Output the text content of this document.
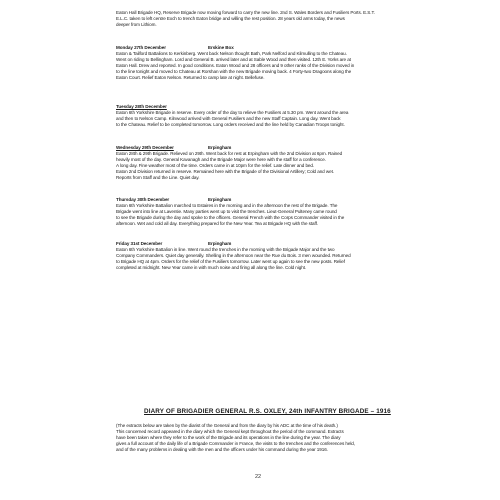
Eaton Hall Brigade HQ, Reserve Brigade now moving forward to carry the new line. 2nd S. Wales Borders and Fusiliers Ports. E.S.T.
E.L.C. taken to left centre Exch to trench Eaton bridge and willing the rest position. 28 years old arms today, the news
deeper from Lithiom.
Monday 27th December	Erskine Box
Eaton & Tailford Battalions to Kerkinberg. Went back Nelson thought Bath, Park Nelford and Kilmulling to the Chateau.
Went on riding to Bellingham. Lord and General B. arrived later and at Sable Wood and then visited. 12th E. Yorks are at
Eaton Hall. Drew and reported. In good conditions. Eaton Wood and 28 officers and 9 other ranks of the Division moved in
to the line tonight and moved to Chateau at Rorshan with the new Brigade moving back. 4 Forty-two Dragoons along the
Eaton Court. Relief Eaton Nelson. Returned to camp late at night. Bellefuse.
Tuesday 28th December
Eaton 6th Yorkshire Brigade in reserve. Every order of the day to relieve the Fusiliers at 5.30 pm. Went around the area
and then to Nelson Camp. Kilnwood arrived with General Fusiliers and the new Staff Captain. Long day. Went back
to the Chateau. Relief to be completed tomorrow. Long orders received and the line held by Canadian Troops tonight.
Wednesday 29th December	Erpingham
Eaton 28th & 29th Brigade. Relieved on 29th. Went back for rest at Erpingham with the 2nd Division at 6pm. Rained
heavily most of the day. General Kavanagh and the Brigade Major were here with the staff for a conference.
A long day. Fine weather most of the time. Orders came in at 10pm for the relief. Late dinner and bed.
Eaton 2nd Division returned in reserve. Remained here with the Brigade of the Divisional Artillery; Cold and wet.
Reports from Staff and the Line. Quiet day.
Thursday 30th December	Erpingham
Eaton 6th Yorkshire Battalion marched to Estaires in the morning and in the afternoon the rest of the Brigade. The
Brigade went into line at Laventie. Many parties went up to visit the trenches. Lieut-General Pulteney came round
to see the Brigade during the day and spoke to the officers. General French with the Corps Commander visited in the
afternoon. Wet and cold all day. Everything prepared for the New Year. Tea at Brigade HQ with the staff.
Friday 31st December	Erpingham
Eaton 6th Yorkshire Battalion in line. Went round the trenches in the morning with the Brigade Major and the two
Company Commanders. Quiet day generally. Shelling in the afternoon near the Rue du Bois. 3 men wounded. Returned
to Brigade HQ at 4pm. Orders for the relief of the Fusiliers tomorrow. Later went up again to see the new posts. Relief
completed at midnight. New Year came in with much noise and firing all along the line. Cold night.
DIARY OF BRIGADIER GENERAL R.S. OXLEY, 24th INFANTRY BRIGADE – 1916
(The extracts below are taken by the diarist of the General and from the diary by his ADC at the time of his death.)
This concerned record appeared in the diary which the General kept throughout the period of the command. Extracts
have been taken where they refer to the work of the Brigade and its operations in the line during the year. The diary
gives a full account of the daily life of a Brigade Commander in France, the visits to the trenches and the conferences held,
and of the many problems in dealing with the men and the officers under his command during the year 1916.
22
